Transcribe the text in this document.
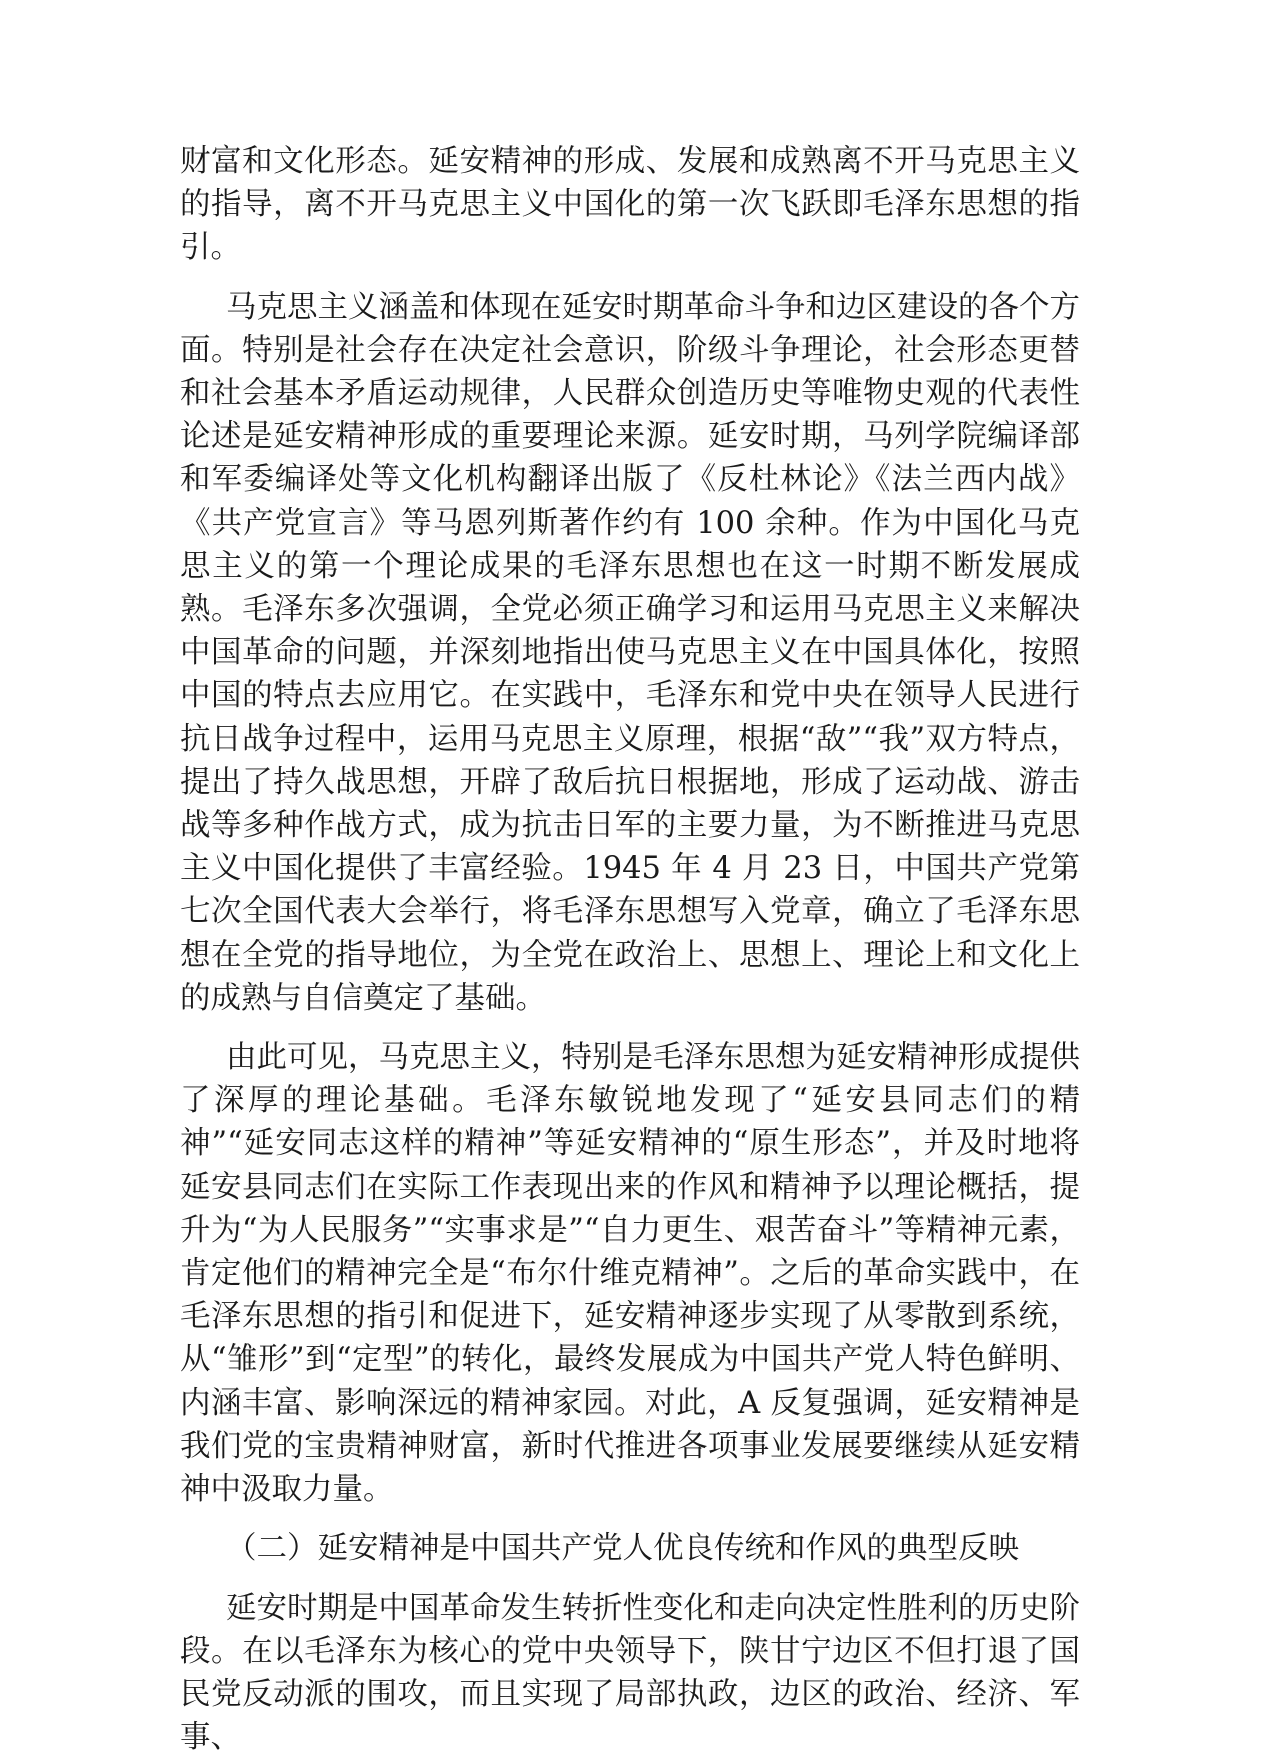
财富和文化形态。延安精神的形成、发展和成熟离不开马克思主义的指导，离不开马克思主义中国化的第一次飞跃即毛泽东思想的指引。

马克思主义涵盖和体现在延安时期革命斗争和边区建设的各个方面。特别是社会存在决定社会意识，阶级斗争理论，社会形态更替和社会基本矛盾运动规律，人民群众创造历史等唯物史观的代表性论述是延安精神形成的重要理论来源。延安时期，马列学院编译部和军委编译处等文化机构翻译出版了《反杜林论》《法兰西内战》《共产党宣言》等马恩列斯著作约有 100 余种。作为中国化马克思主义的第一个理论成果的毛泽东思想也在这一时期不断发展成熟。毛泽东多次强调，全党必须正确学习和运用马克思主义来解决中国革命的问题，并深刻地指出使马克思主义在中国具体化，按照中国的特点去应用它。在实践中，毛泽东和党中央在领导人民进行抗日战争过程中，运用马克思主义原理，根据“敌”“我”双方特点，提出了持久战思想，开辟了敌后抗日根据地，形成了运动战、游击战等多种作战方式，成为抗击日军的主要力量，为不断推进马克思主义中国化提供了丰富经验。1945 年 4 月 23 日，中国共产党第七次全国代表大会举行，将毛泽东思想写入党章，确立了毛泽东思想在全党的指导地位，为全党在政治上、思想上、理论上和文化上的成熟与自信奠定了基础。

由此可见，马克思主义，特别是毛泽东思想为延安精神形成提供了深厚的理论基础。毛泽东敏锐地发现了“延安县同志们的精神”“延安同志这样的精神”等延安精神的“原生形态”，并及时地将延安县同志们在实际工作表现出来的作风和精神予以理论概括，提升为“为人民服务”“实事求是”“自力更生、艰苦奋斗”等精神元素，肯定他们的精神完全是“布尔什维克精神”。之后的革命实践中，在毛泽东思想的指引和促进下，延安精神逐步实现了从零散到系统，从“雏形”到“定型”的转化，最终发展成为中国共产党人特色鲜明、内涵丰富、影响深远的精神家园。对此，A 反复强调，延安精神是我们党的宝贵精神财富，新时代推进各项事业发展要继续从延安精神中汲取力量。

（二）延安精神是中国共产党人优良传统和作风的典型反映

延安时期是中国革命发生转折性变化和走向决定性胜利的历史阶段。在以毛泽东为核心的党中央领导下，陕甘宁边区不但打退了国民党反动派的围攻，而且实现了局部执政，边区的政治、经济、军事、
